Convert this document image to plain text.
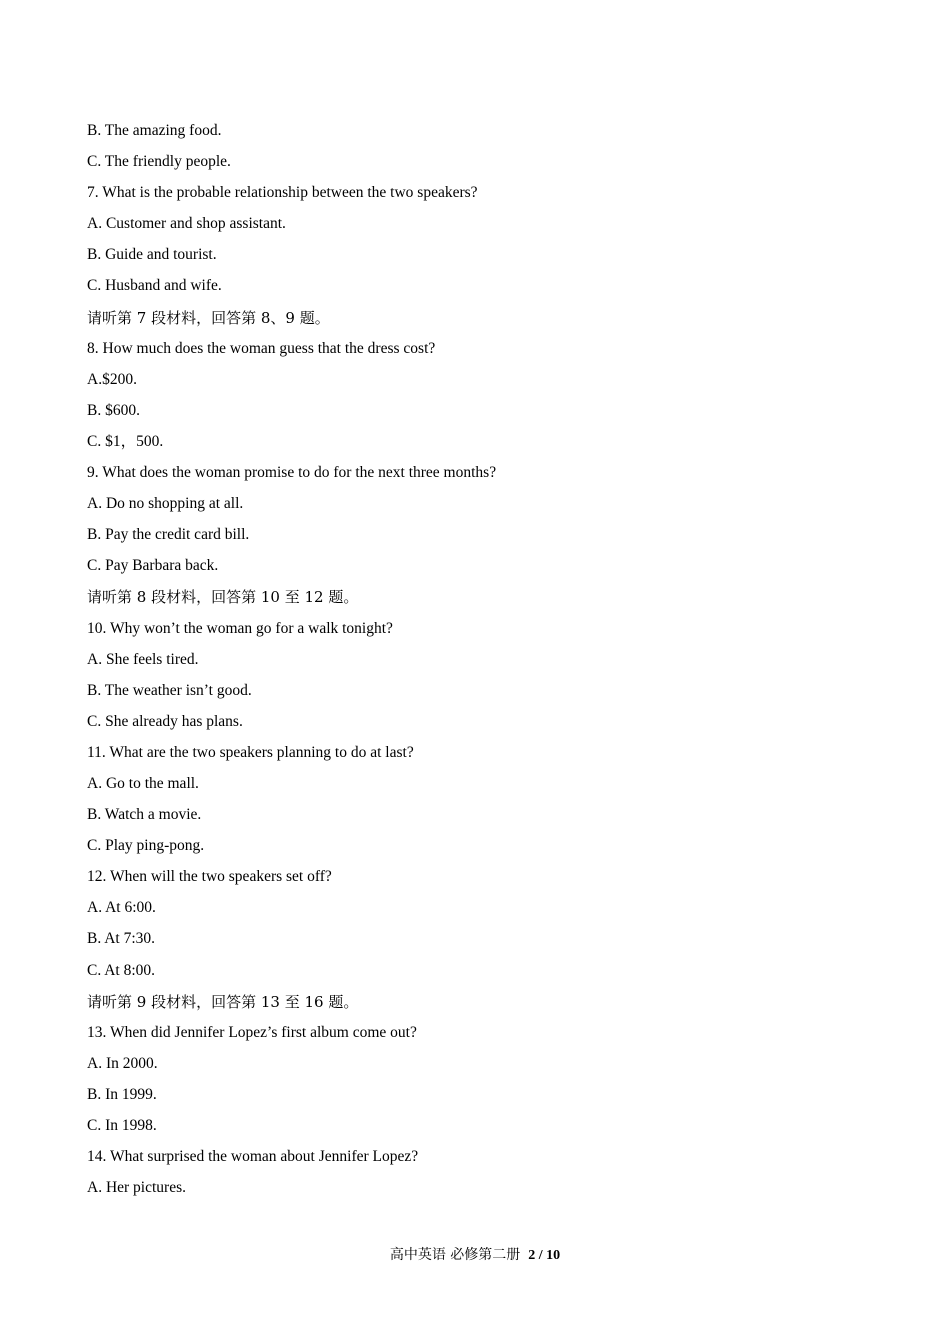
B. The amazing food.
C. The friendly people.
7. What is the probable relationship between the two speakers?
A. Customer and shop assistant.
B. Guide and tourist.
C. Husband and wife.
请听第 7 段材料，回答第 8、9 题。
8. How much does the woman guess that the dress cost?
A.$200.
B. $600.
C. $1，500.
9. What does the woman promise to do for the next three months?
A. Do no shopping at all.
B. Pay the credit card bill.
C. Pay Barbara back.
请听第 8 段材料，回答第 10 至 12 题。
10. Why won’t the woman go for a walk tonight?
A. She feels tired.
B. The weather isn’t good.
C. She already has plans.
11. What are the two speakers planning to do at last?
A. Go to the mall.
B. Watch a movie.
C. Play ping-pong.
12. When will the two speakers set off?
A. At 6:00.
B. At 7:30.
C. At 8:00.
请听第 9 段材料，回答第 13 至 16 题。
13. When did Jennifer Lopez’s first album come out?
A. In 2000.
B. In 1999.
C. In 1998.
14. What surprised the woman about Jennifer Lopez?
A. Her pictures.
高中英语 必修第二册 2 / 10
